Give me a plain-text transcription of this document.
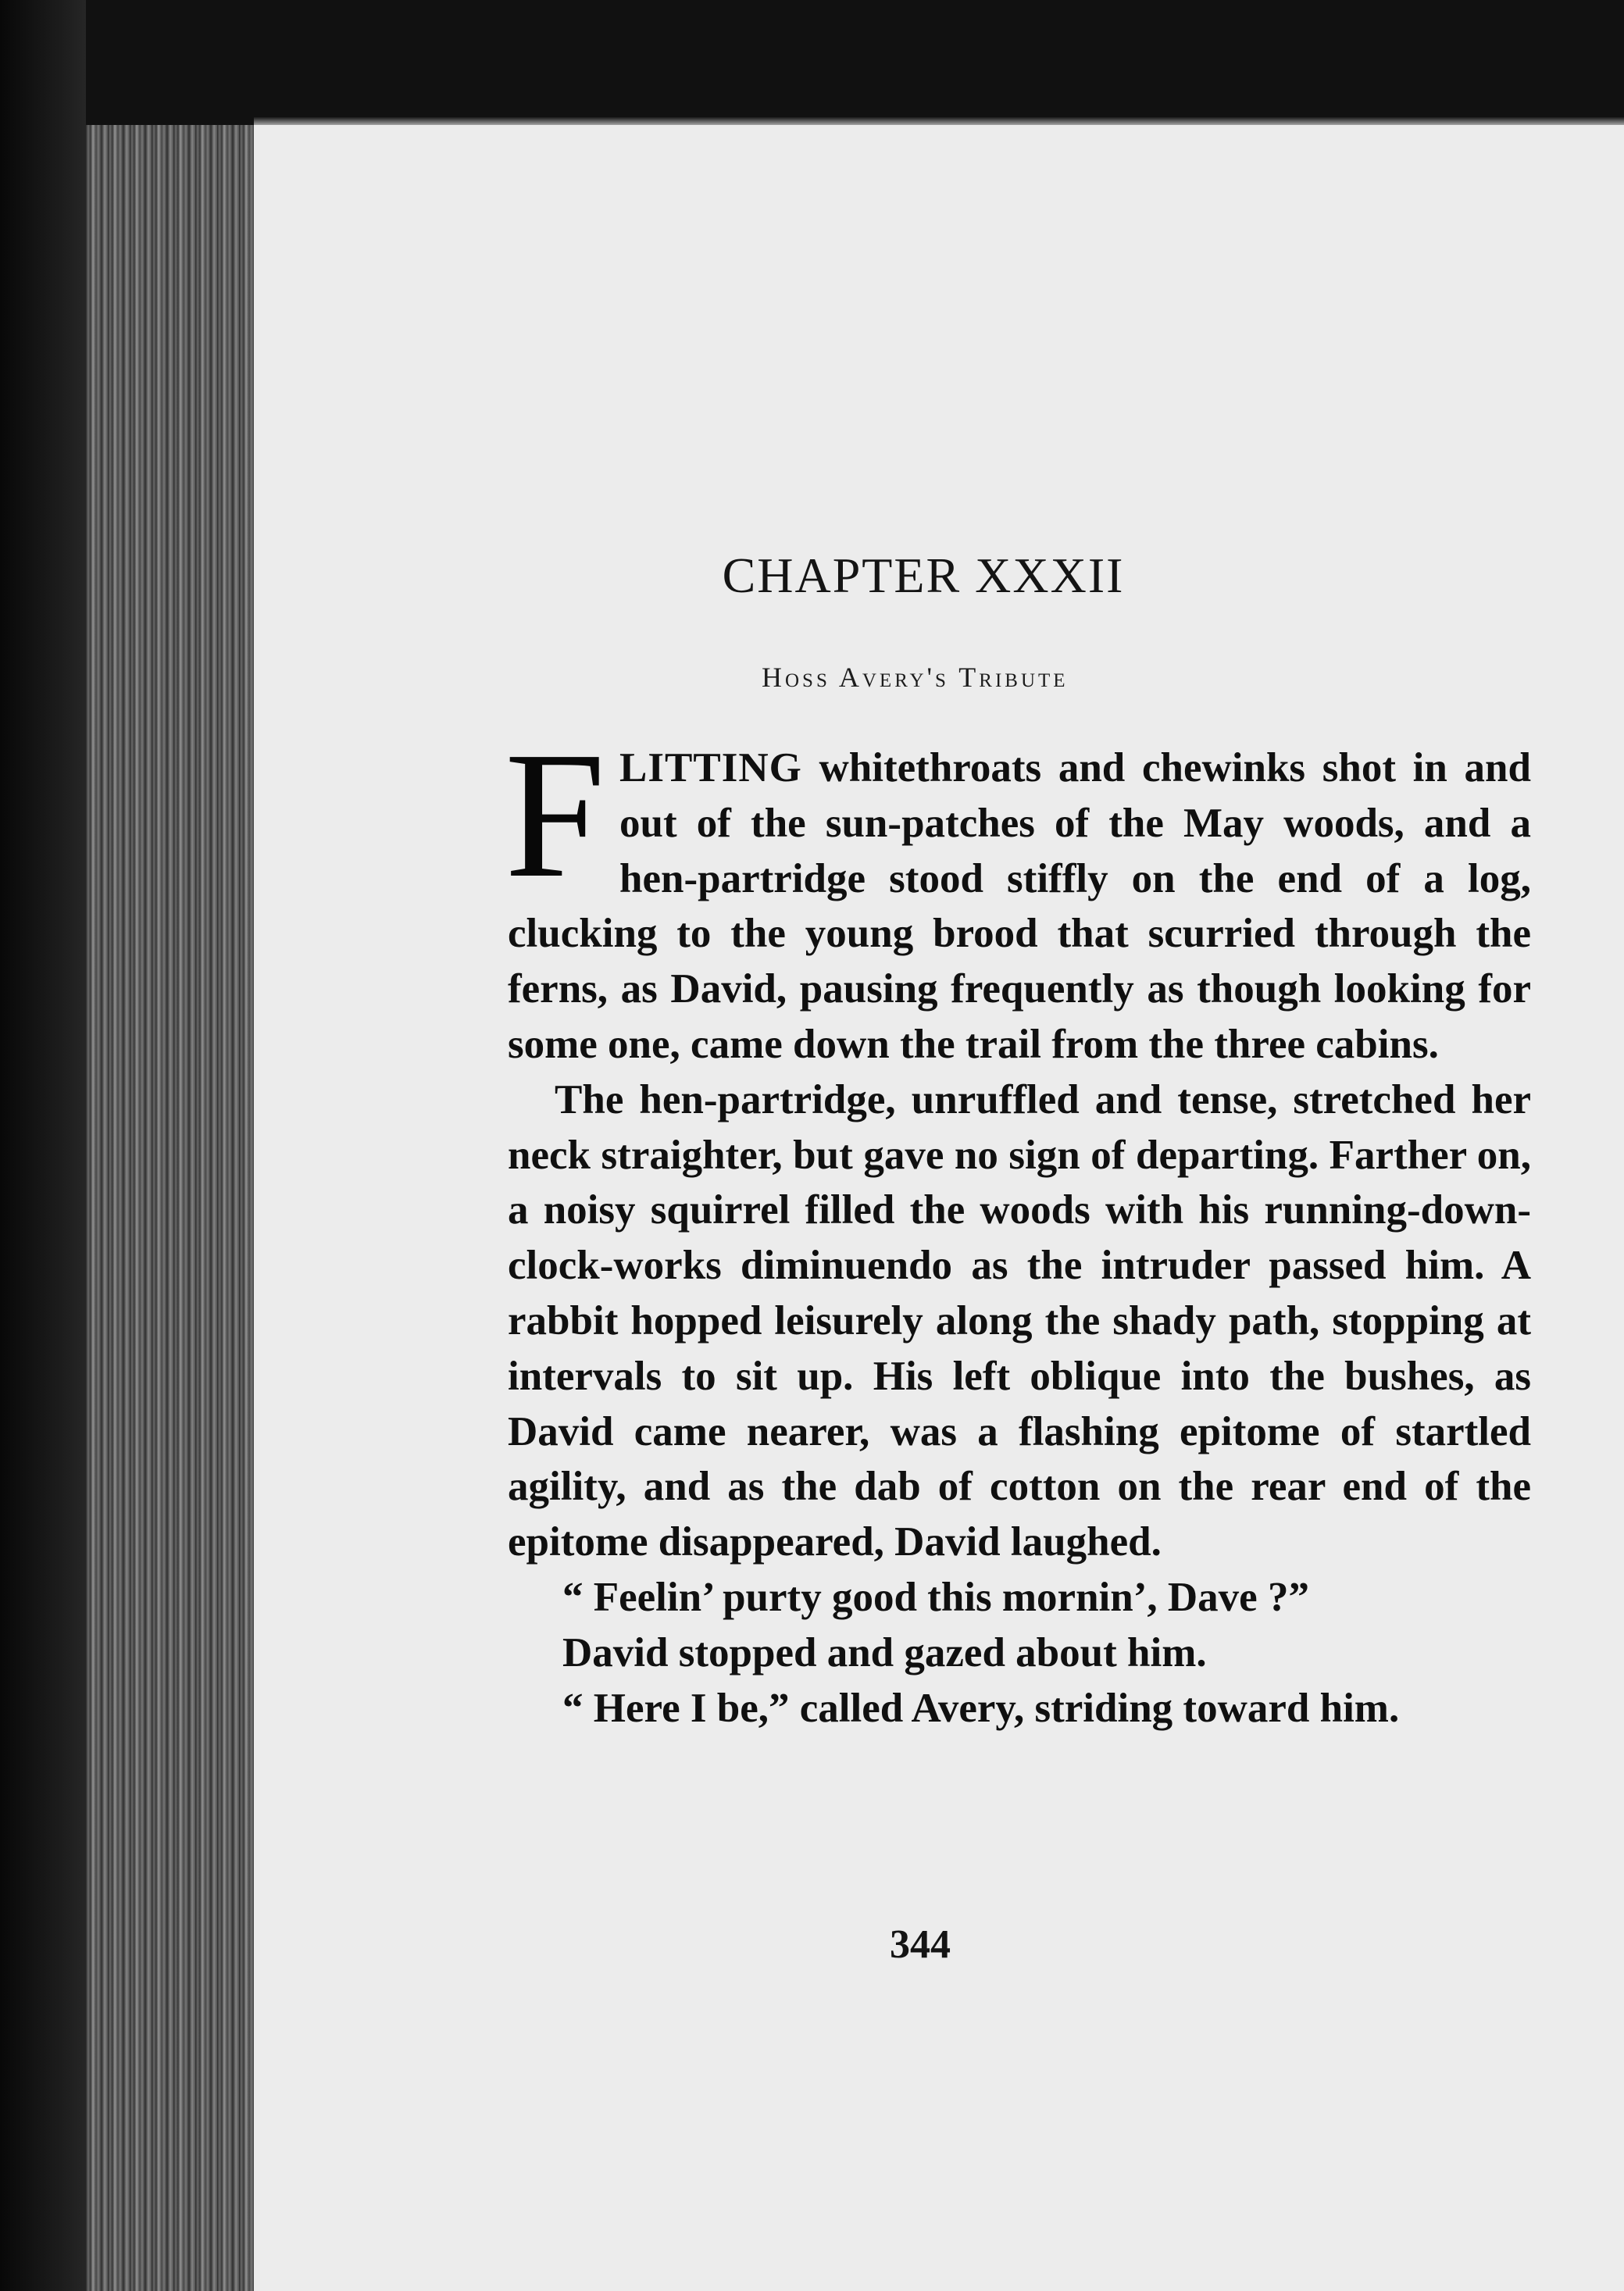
CHAPTER XXXII
Hoss Avery's Tribute

FLITTING whitethroats and chewinks shot in and out of the sun-patches of the May woods, and a hen-partridge stood stiffly on the end of a log, clucking to the young brood that scurried through the ferns, as David, pausing frequently as though looking for some one, came down the trail from the three cabins.

The hen-partridge, unruffled and tense, stretched her neck straighter, but gave no sign of departing. Farther on, a noisy squirrel filled the woods with his running-down-clock-works diminuendo as the intruder passed him. A rabbit hopped leisurely along the shady path, stopping at intervals to sit up. His left oblique into the bushes, as David came nearer, was a flashing epitome of startled agility, and as the dab of cotton on the rear end of the epitome disappeared, David laughed.

“ Feelin’ purty good this mornin’, Dave ?”

David stopped and gazed about him.

“ Here I be,” called Avery, striding toward him.

344
